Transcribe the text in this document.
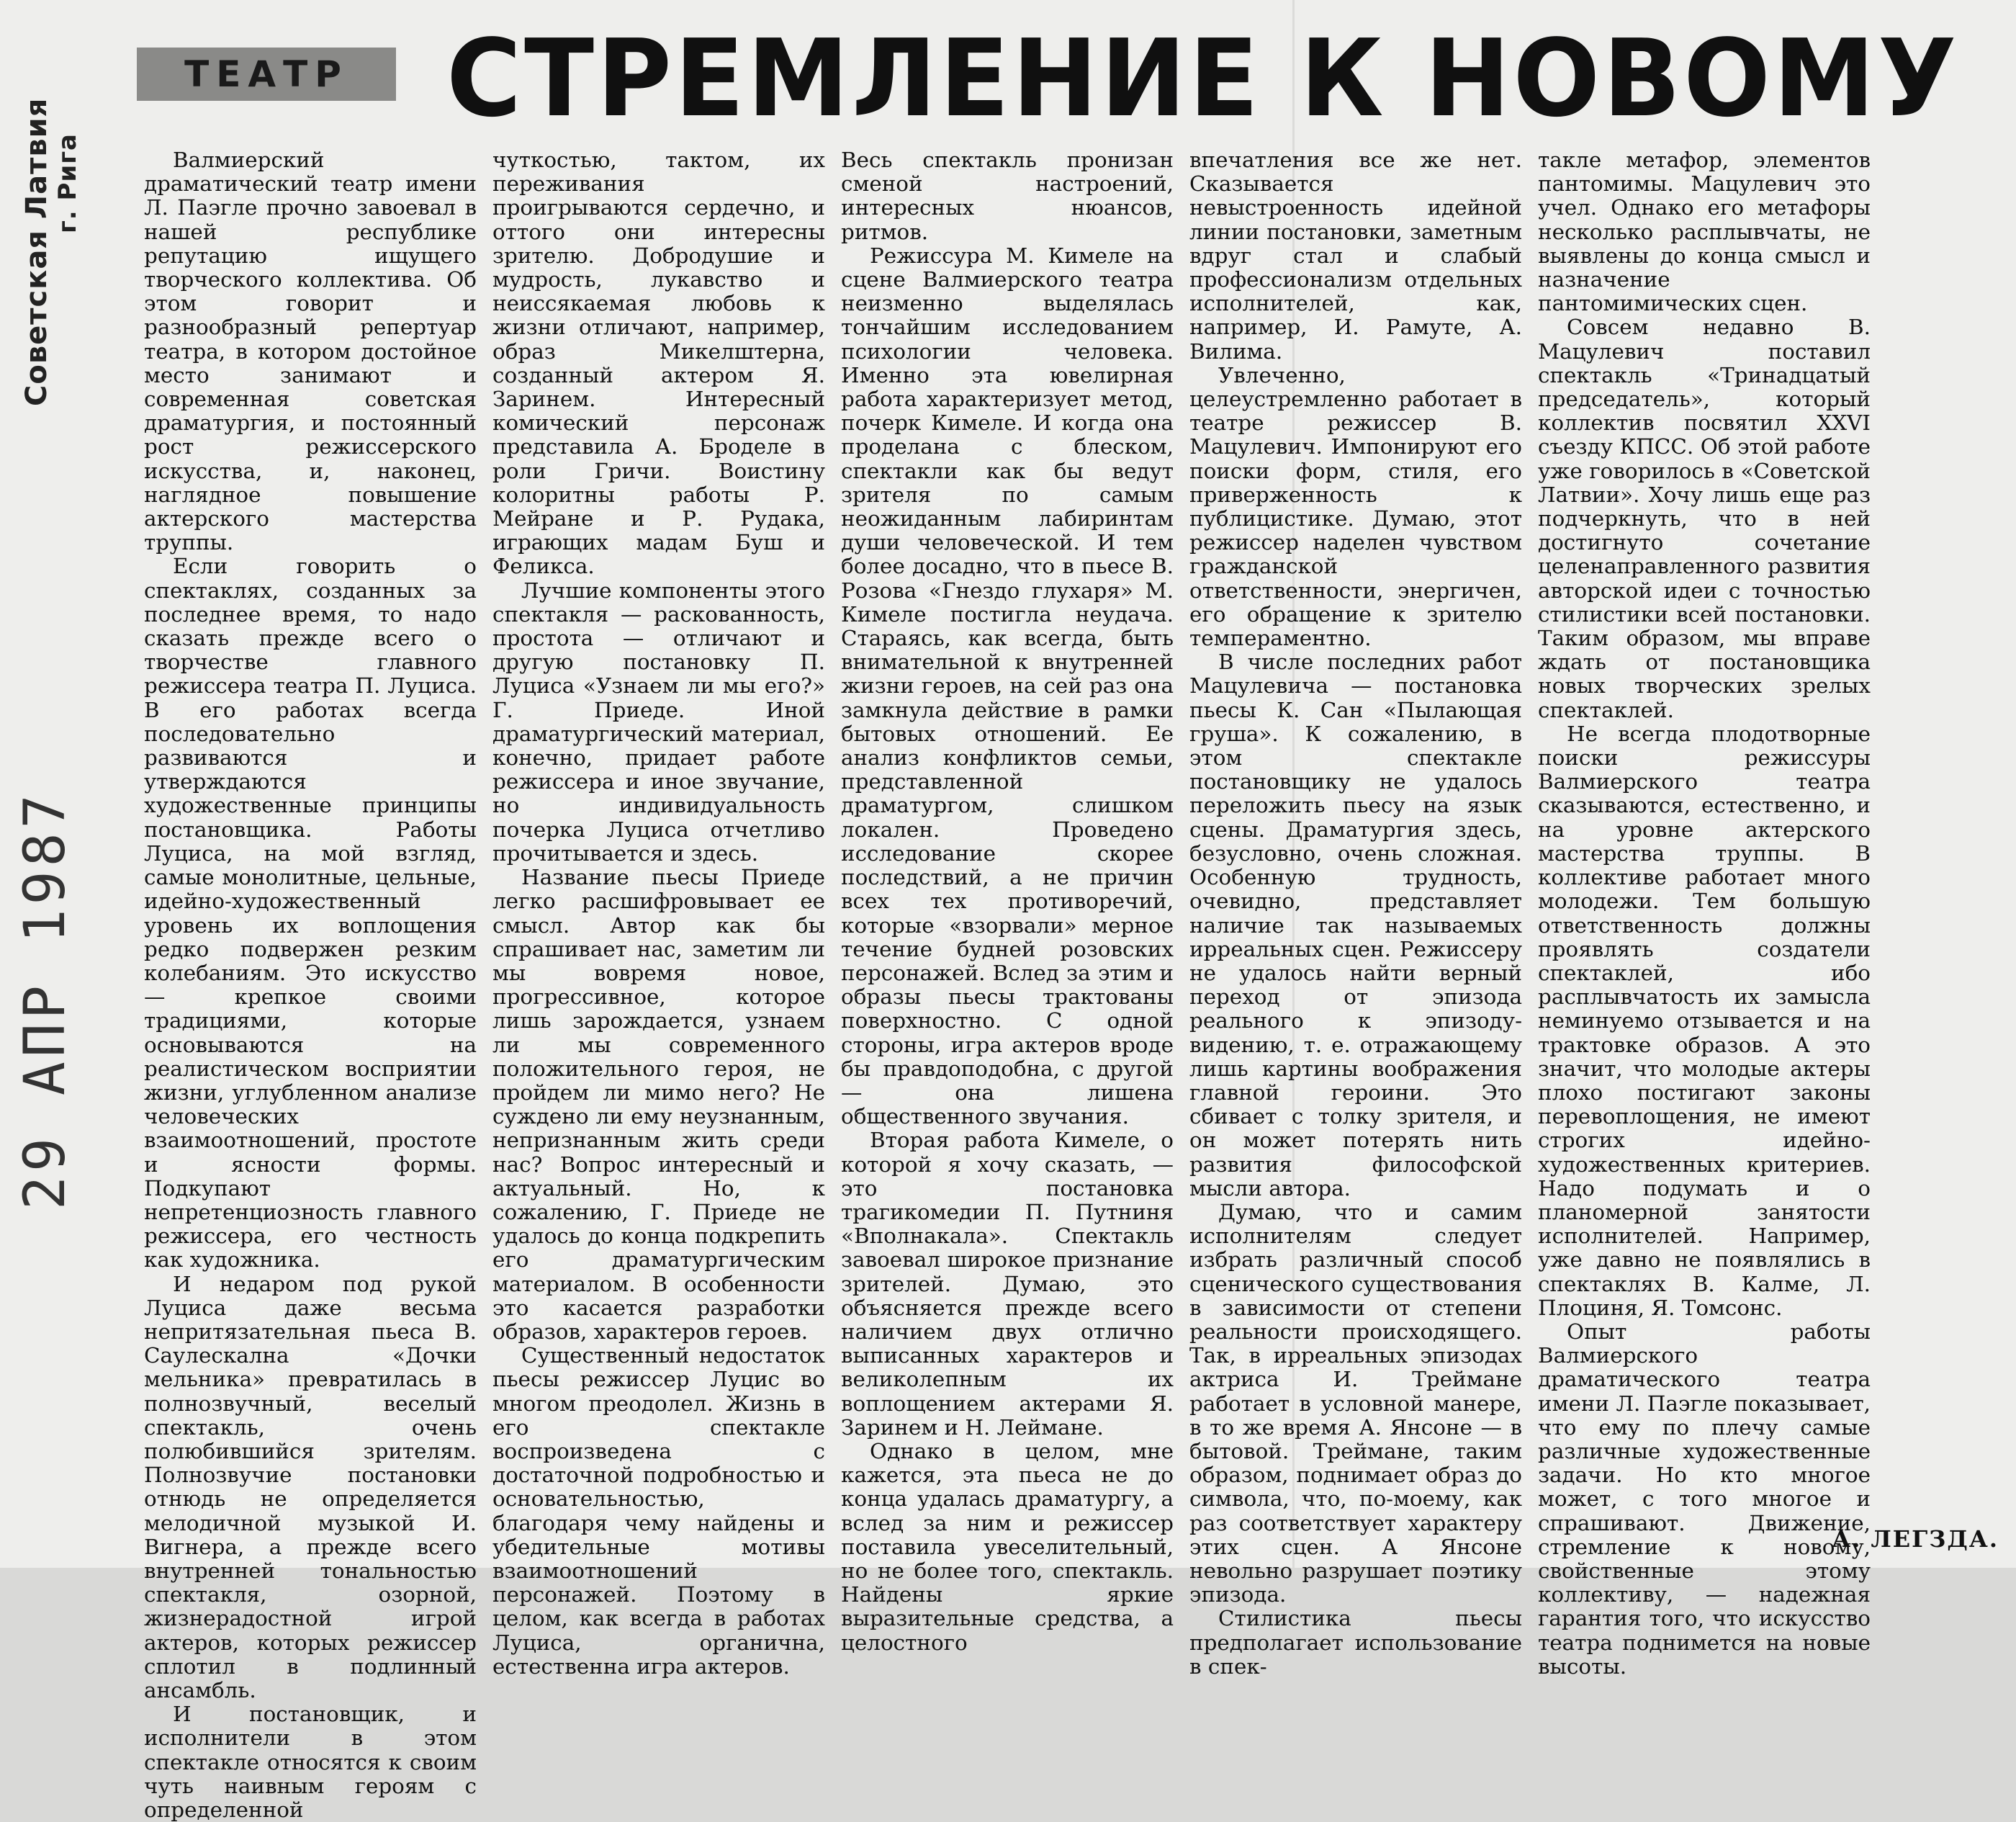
Советская Латвия г. Рига
29 АПР 1987
ТЕАТР СТРЕМЛЕНИЕ К НОВОМУ

Валмиерский драматический театр имени Л. Паэгле прочно завоевал в нашей республике репутацию ищущего творческого коллектива. Об этом говорит и разнообразный репертуар театра, в котором достойное место занимают и современная советская драматургия, и постоянный рост режиссерского искусства, и, наконец, наглядное повышение актерского мастерства труппы.

Если говорить о спектаклях, созданных за последнее время, то надо сказать прежде всего о творчестве главного режиссера театра П. Луциса. В его работах всегда последовательно развиваются и утверждаются художественные принципы постановщика. Работы Луциса, на мой взгляд, самые монолитные, цельные, идейно-художественный уровень их воплощения редко подвержен резким колебаниям. Это искусство — крепкое своими традициями, которые основываются на реалистическом восприятии жизни, углубленном анализе человеческих взаимоотношений, простоте и ясности формы. Подкупают непретенциозность главного режиссера, его честность как художника.

И недаром под рукой Луциса даже весьма непритязательная пьеса В. Саулескална «Дочки мельника» превратилась в полнозвучный, веселый спектакль, очень полюбившийся зрителям. Полнозвучие постановки отнюдь не определяется мелодичной музыкой И. Вигнера, а прежде всего внутренней тональностью спектакля, озорной, жизнерадостной игрой актеров, которых режиссер сплотил в подлинный ансамбль.

И постановщик, и исполнители в этом спектакле относятся к своим чуть наивным героям с определенной

чуткостью, тактом, их переживания проигрываются сердечно, и оттого они интересны зрителю. Добродушие и мудрость, лукавство и неиссякаемая любовь к жизни отличают, например, образ Микелштерна, созданный актером Я. Заринем. Интересный комический персонаж представила А. Броделе в роли Гричи. Воистину колоритны работы Р. Мейране и Р. Рудака, играющих мадам Буш и Феликса.

Лучшие компоненты этого спектакля — раскованность, простота — отличают и другую постановку П. Луциса «Узнаем ли мы его?» Г. Приеде. Иной драматургический материал, конечно, придает работе режиссера и иное звучание, но индивидуальность почерка Луциса отчетливо прочитывается и здесь.

Название пьесы Приеде легко расшифровывает ее смысл. Автор как бы спрашивает нас, заметим ли мы вовремя новое, прогрессивное, которое лишь зарождается, узнаем ли мы современного положительного героя, не пройдем ли мимо него? Не суждено ли ему неузнанным, непризнанным жить среди нас? Вопрос интересный и актуальный. Но, к сожалению, Г. Приеде не удалось до конца подкрепить его драматургическим материалом. В особенности это касается разработки образов, характеров героев.

Существенный недостаток пьесы режиссер Луцис во многом преодолел. Жизнь в его спектакле воспроизведена с достаточной подробностью и основательностью, благодаря чему найдены и убедительные мотивы взаимоотношений персонажей. Поэтому в целом, как всегда в работах Луциса, органична, естественна игра актеров.

Весь спектакль пронизан сменой настроений, интересных нюансов, ритмов.

Режиссура М. Кимеле на сцене Валмиерского театра неизменно выделялась тончайшим исследованием психологии человека. Именно эта ювелирная работа характеризует метод, почерк Кимеле. И когда она проделана с блеском, спектакли как бы ведут зрителя по самым неожиданным лабиринтам души человеческой. И тем более досадно, что в пьесе В. Розова «Гнездо глухаря» М. Кимеле постигла неудача. Стараясь, как всегда, быть внимательной к внутренней жизни героев, на сей раз она замкнула действие в рамки бытовых отношений. Ее анализ конфликтов семьи, представленной драматургом, слишком локален. Проведено исследование скорее последствий, а не причин всех тех противоречий, которые «взорвали» мерное течение будней розовских персонажей. Вслед за этим и образы пьесы трактованы поверхностно. С одной стороны, игра актеров вроде бы правдоподобна, с другой — она лишена общественного звучания.

Вторая работа Кимеле, о которой я хочу сказать, — это постановка трагикомедии П. Путниня «Вполнакала». Спектакль завоевал широкое признание зрителей. Думаю, это объясняется прежде всего наличием двух отлично выписанных характеров и великолепным их воплощением актерами Я. Заринем и Н. Лейманe.

Однако в целом, мне кажется, эта пьеса не до конца удалась драматургу, а вслед за ним и режиссер поставила увеселительный, но не более того, спектакль. Найдены яркие выразительные средства, а целостного

впечатления все же нет. Сказывается невыстроенность идейной линии постановки, заметным вдруг стал и слабый профессионализм отдельных исполнителей, как, например, И. Рамуте, А. Вилима.

Увлеченно, целеустремленно работает в театре режиссер В. Мацулевич. Импонируют его поиски форм, стиля, его приверженность к публицистике. Думаю, этот режиссер наделен чувством гражданской ответственности, энергичен, его обращение к зрителю темпераментно.

В числе последних работ Мацулевича — постановка пьесы К. Сан «Пылающая груша». К сожалению, в этом спектакле постановщику не удалось переложить пьесу на язык сцены. Драматургия здесь, безусловно, очень сложная. Особенную трудность, очевидно, представляет наличие так называемых ирреальных сцен. Режиссеру не удалось найти верный переход от эпизода реального к эпизоду-видению, т. е. отражающему лишь картины воображения главной героини. Это сбивает с толку зрителя, и он может потерять нить развития философской мысли автора.

Думаю, что и самим исполнителям следует избрать различный способ сценического существования в зависимости от степени реальности происходящего. Так, в ирреальных эпизодах актриса И. Трейманe работает в условной манере, в то же время А. Янсоне — в бытовой. Трейманe, таким образом, поднимает образ до символа, что, по-моему, как раз соответствует характеру этих сцен. А Янсоне невольно разрушает поэтику эпизода.

Стилистика пьесы предполагает использование в спек-

такле метафор, элементов пантомимы. Мацулевич это учел. Однако его метафоры несколько расплывчаты, не выявлены до конца смысл и назначение пантомимических сцен.

Совсем недавно В. Мацулевич поставил спектакль «Тринадцатый председатель», который коллектив посвятил XXVI съезду КПСС. Об этой работе уже говорилось в «Советской Латвии». Хочу лишь еще раз подчеркнуть, что в ней достигнуто сочетание целенаправленного развития авторской идеи с точностью стилистики всей постановки. Таким образом, мы вправе ждать от постановщика новых творческих зрелых спектаклей.

Не всегда плодотворные поиски режиссуры Валмиерского театра сказываются, естественно, и на уровне актерского мастерства труппы. В коллективе работает много молодежи. Тем большую ответственность должны проявлять создатели спектаклей, ибо расплывчатость их замысла неминуемо отзывается и на трактовке образов. А это значит, что молодые актеры плохо постигают законы перевоплощения, не имеют строгих идейно-художественных критериев. Надо подумать и о планомерной занятости исполнителей. Например, уже давно не появлялись в спектаклях В. Калме, Л. Плоциня, Я. Томсонс.

Опыт работы Валмиерского драматического театра имени Л. Паэгле показывает, что ему по плечу самые различные художественные задачи. Но кто многое может, с того многое и спрашивают. Движение, стремление к новому, свойственные этому коллективу, — надежная гарантия того, что искусство театра поднимется на новые высоты.

А. ЛЕГЗДА.
